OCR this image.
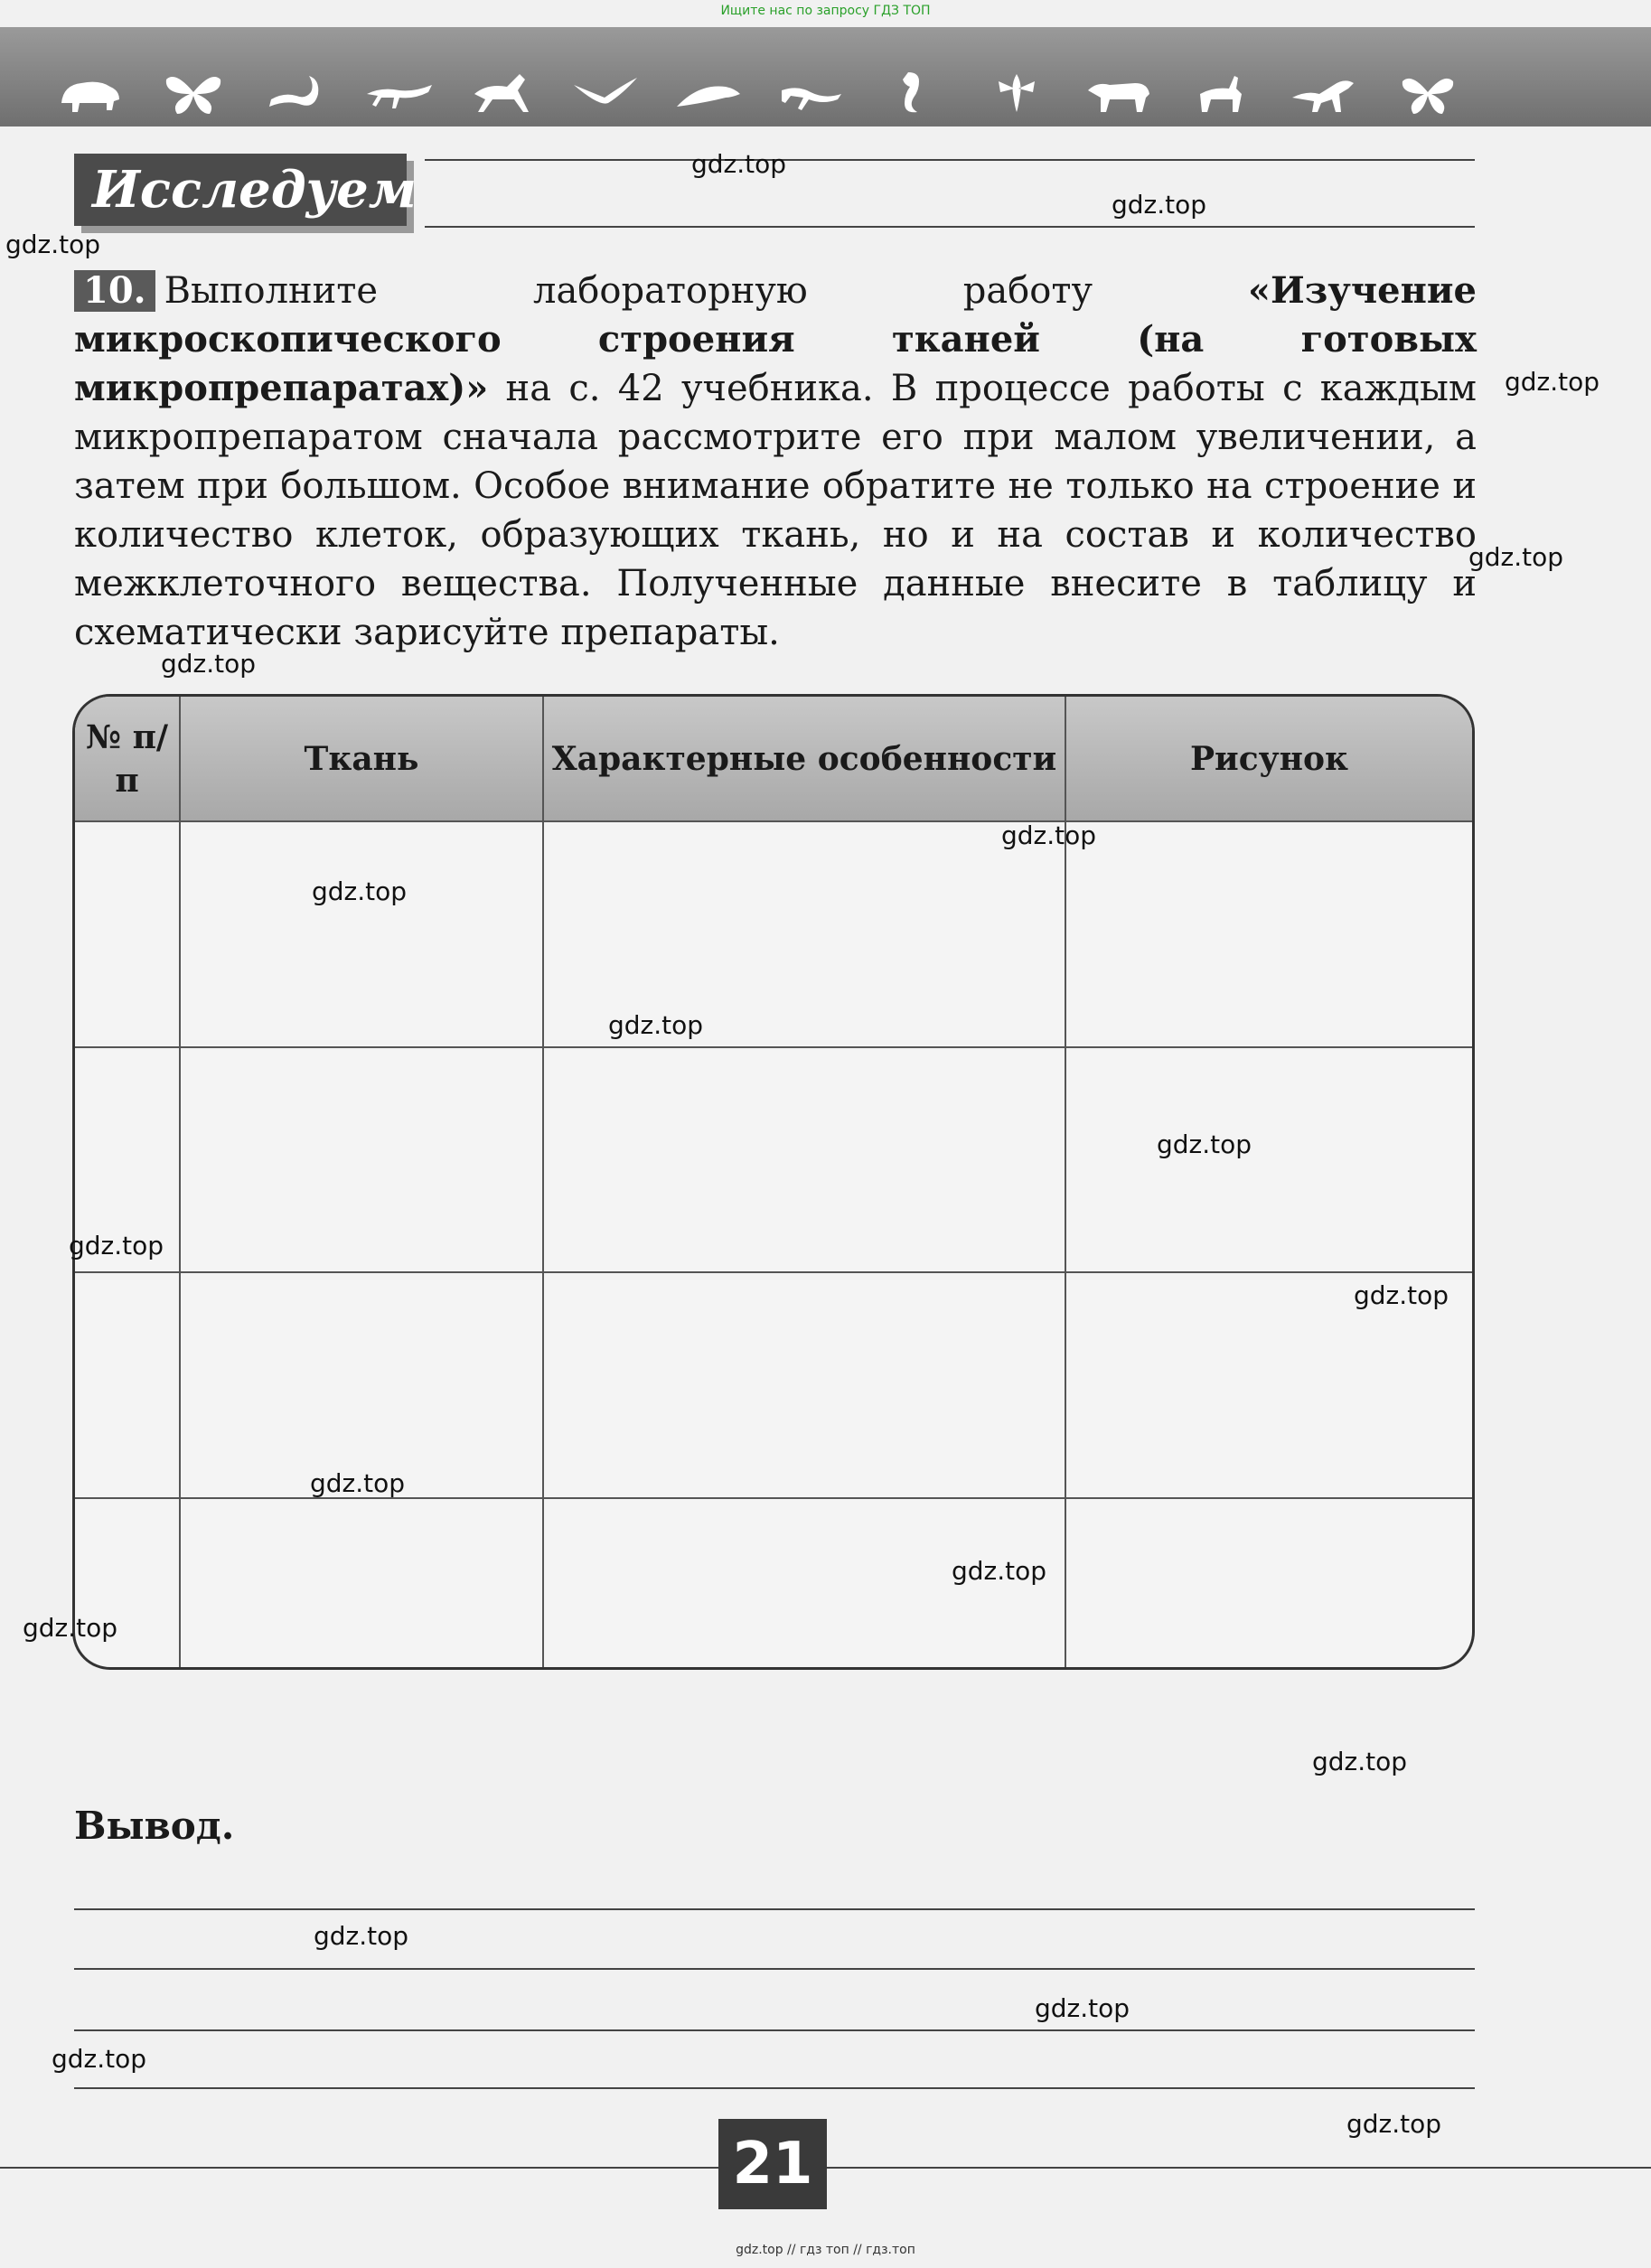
Ищите нас по запросу ГДЗ ТОП
Исследуем
10. Выполните лабораторную работу	«Изучение микроскопического строения тканей (на готовых микропрепаратах)» на с. 42 учебника. В процессе работы с каждым микропрепаратом сначала рассмотрите его при малом увеличении, а затем при большом. Особое внимание обратите не только на строение и количество клеток, образующих ткань, но и на состав и количество межклеточного вещества. Полученные данные внесите в таблицу и схематически зарисуйте препараты.
№ п/п	Ткань	Характерные особенности	Рисунок

Вывод.
21
gdz.top // гдз топ // гдз.топ
gdz.top
gdz.top
gdz.top
gdz.top
gdz.top
gdz.top
gdz.top
gdz.top
gdz.top
gdz.top
gdz.top
gdz.top
gdz.top
gdz.top
gdz.top
gdz.top
gdz.top
gdz.top
gdz.top
gdz.top
